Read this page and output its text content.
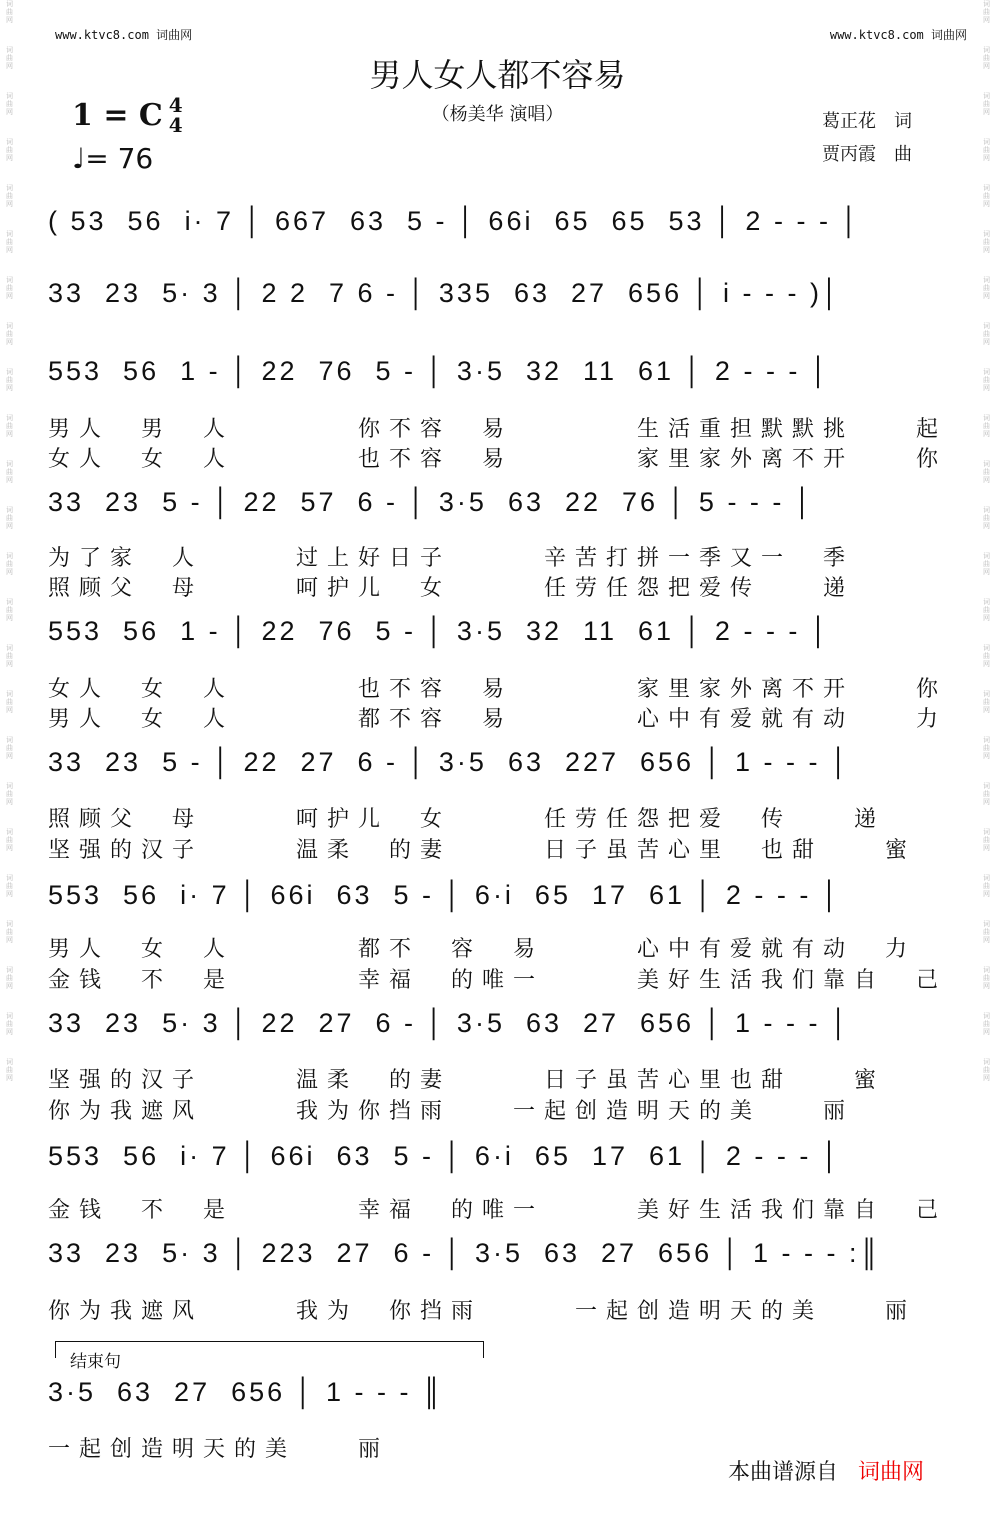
词曲网
词曲网
词曲网
词曲网
词曲网
词曲网
词曲网
词曲网
词曲网
词曲网
词曲网
词曲网
词曲网
词曲网
词曲网
词曲网
词曲网
词曲网
词曲网
词曲网
词曲网
词曲网
词曲网
词曲网
词曲网
词曲网
词曲网
词曲网
词曲网
词曲网
词曲网
词曲网
词曲网
词曲网
词曲网
词曲网
词曲网
词曲网
词曲网
词曲网
词曲网
词曲网
词曲网
词曲网
词曲网
词曲网
词曲网
词曲网
www.ktvc8.com 词曲网	www.ktvc8.com 词曲网
男人女人都不容易
（杨美华 演唱）
1 = C 4
4
♩ = 76
葛正花　词
贾丙霞　曲
( 53  56  i· 7 │ 667  63  5 - │ 66i  65  65  53 │ 2 - - - │
33  23  5· 3 │ 2 2  7 6 - │ 335  63  27  656 │ i - - - )│
553  56  1 - │ 22  76  5 - │ 3·5  32  11  61 │ 2 - - - │
男人　男　人　　　　你不容　易　　　　生活重担默默挑　　起
女人　女　人　　　　也不容　易　　　　家里家外离不开　　你
33  23  5 - │ 22  57  6 - │ 3·5  63  22  76 │ 5 - - - │
为了家　人　　　过上好日子　　　辛苦打拼一季又一　季
照顾父　母　　　呵护儿　女　　　任劳任怨把爱传　　递
553  56  1 - │ 22  76  5 - │ 3·5  32  11  61 │ 2 - - - │
女人　女　人　　　　也不容　易　　　　家里家外离不开　　你
男人　女　人　　　　都不容　易　　　　心中有爱就有动　　力
33  23  5 - │ 22  27  6 - │ 3·5  63  227  656 │ 1 - - - │
照顾父　母　　　呵护儿　女　　　任劳任怨把爱　传　　递
坚强的汉子　　　温柔　的妻　　　日子虽苦心里　也甜　　蜜
553  56  i· 7 │ 66i  63  5 - │ 6·i  65  17  61 │ 2 - - - │
男人　女　人　　　　都不　容　易　　　心中有爱就有动　力
金钱　不　是　　　　幸福　的唯一　　　美好生活我们靠自　己
33  23  5· 3 │ 22  27  6 - │ 3·5  63  27  656 │ 1 - - - │
坚强的汉子　　　温柔　的妻　　　日子虽苦心里也甜　　蜜
你为我遮风　　　我为你挡雨　　一起创造明天的美　　丽
553  56  i· 7 │ 66i  63  5 - │ 6·i  65  17  61 │ 2 - - - │
金钱　不　是　　　　幸福　的唯一　　　美好生活我们靠自　己
33  23  5· 3 │ 223  27  6 - │ 3·5  63  27  656 │ 1 - - - :║
你为我遮风　　　我为　你挡雨　　　一起创造明天的美　　丽
结束句
3·5  63  27  656 │ 1 - - - ║
一起创造明天的美　　丽
本曲谱源自 词曲网
